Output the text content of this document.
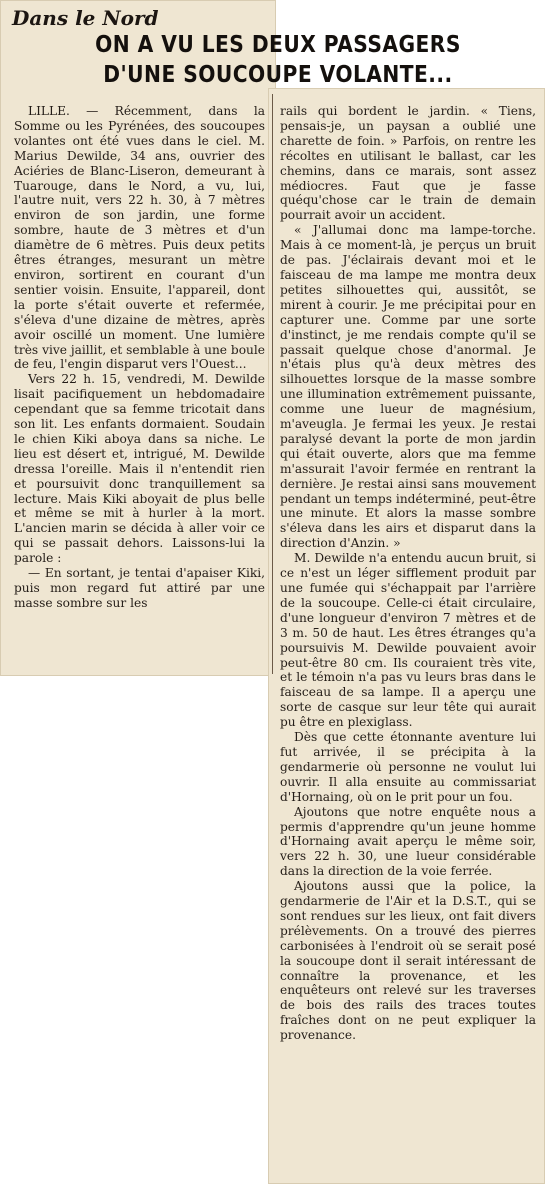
Dans le Nord
ON A VU LES DEUX PASSAGERS
D'UNE SOUCOUPE VOLANTE...

LILLE. — Récemment, dans la Somme ou les Pyrénées, des soucoupes volantes ont été vues dans le ciel. M. Marius Dewilde, 34 ans, ouvrier des Aciéries de Blanc-Liseron, demeurant à Tuarouge, dans le Nord, a vu, lui, l'autre nuit, vers 22 h. 30, à 7 mètres environ de son jardin, une forme sombre, haute de 3 mètres et d'un diamètre de 6 mètres. Puis deux petits êtres étranges, mesurant un mètre environ, sortirent en courant d'un sentier voisin. Ensuite, l'appareil, dont la porte s'était ouverte et refermée, s'éleva d'une dizaine de mètres, après avoir oscillé un moment. Une lumière très vive jaillit, et semblable à une boule de feu, l'engin disparut vers l'Ouest...

Vers 22 h. 15, vendredi, M. Dewilde lisait pacifiquement un hebdomadaire cependant que sa femme tricotait dans son lit. Les enfants dormaient. Soudain le chien Kiki aboya dans sa niche. Le lieu est désert et, intrigué, M. Dewilde dressa l'oreille. Mais il n'entendit rien et poursuivit donc tranquillement sa lecture. Mais Kiki aboyait de plus belle et même se mit à hurler à la mort. L'ancien marin se décida à aller voir ce qui se passait dehors. Laissons-lui la parole :

— En sortant, je tentai d'apaiser Kiki, puis mon regard fut attiré par une masse sombre sur les

rails qui bordent le jardin. « Tiens, pensais-je, un paysan a oublié une charette de foin. » Parfois, on rentre les récoltes en utilisant le ballast, car les chemins, dans ce marais, sont assez médiocres. Faut que je fasse quéqu'chose car le train de demain pourrait avoir un accident.

« J'allumai donc ma lampe-torche. Mais à ce moment-là, je perçus un bruit de pas. J'éclairais devant moi et le faisceau de ma lampe me montra deux petites silhouettes qui, aussitôt, se mirent à courir. Je me précipitai pour en capturer une. Comme par une sorte d'instinct, je me rendais compte qu'il se passait quelque chose d'anormal. Je n'étais plus qu'à deux mètres des silhouettes lorsque de la masse sombre une illumination extrêmement puissante, comme une lueur de magnésium, m'aveugla. Je fermai les yeux. Je restai paralysé devant la porte de mon jardin qui était ouverte, alors que ma femme m'assurait l'avoir fermée en rentrant la dernière. Je restai ainsi sans mouvement pendant un temps indéterminé, peut-être une minute. Et alors la masse sombre s'éleva dans les airs et disparut dans la direction d'Anzin. »

M. Dewilde n'a entendu aucun bruit, si ce n'est un léger sifflement produit par une fumée qui s'échappait par l'arrière de la soucoupe. Celle-ci était circulaire, d'une longueur d'environ 7 mètres et de 3 m. 50 de haut. Les êtres étranges qu'a poursuivis M. Dewilde pouvaient avoir peut-être 80 cm. Ils couraient très vite, et le témoin n'a pas vu leurs bras dans le faisceau de sa lampe. Il a aperçu une sorte de casque sur leur tête qui aurait pu être en plexiglass.

Dès que cette étonnante aventure lui fut arrivée, il se précipita à la gendarmerie où personne ne voulut lui ouvrir. Il alla ensuite au commissariat d'Hornaing, où on le prit pour un fou.

Ajoutons que notre enquête nous a permis d'apprendre qu'un jeune homme d'Hornaing avait aperçu le même soir, vers 22 h. 30, une lueur considérable dans la direction de la voie ferrée.

Ajoutons aussi que la police, la gendarmerie de l'Air et la D.S.T., qui se sont rendues sur les lieux, ont fait divers prélèvements. On a trouvé des pierres carbonisées à l'endroit où se serait posé la soucoupe dont il serait intéressant de connaître la provenance, et les enquêteurs ont relevé sur les traverses de bois des rails des traces toutes fraîches dont on ne peut expliquer la provenance.
